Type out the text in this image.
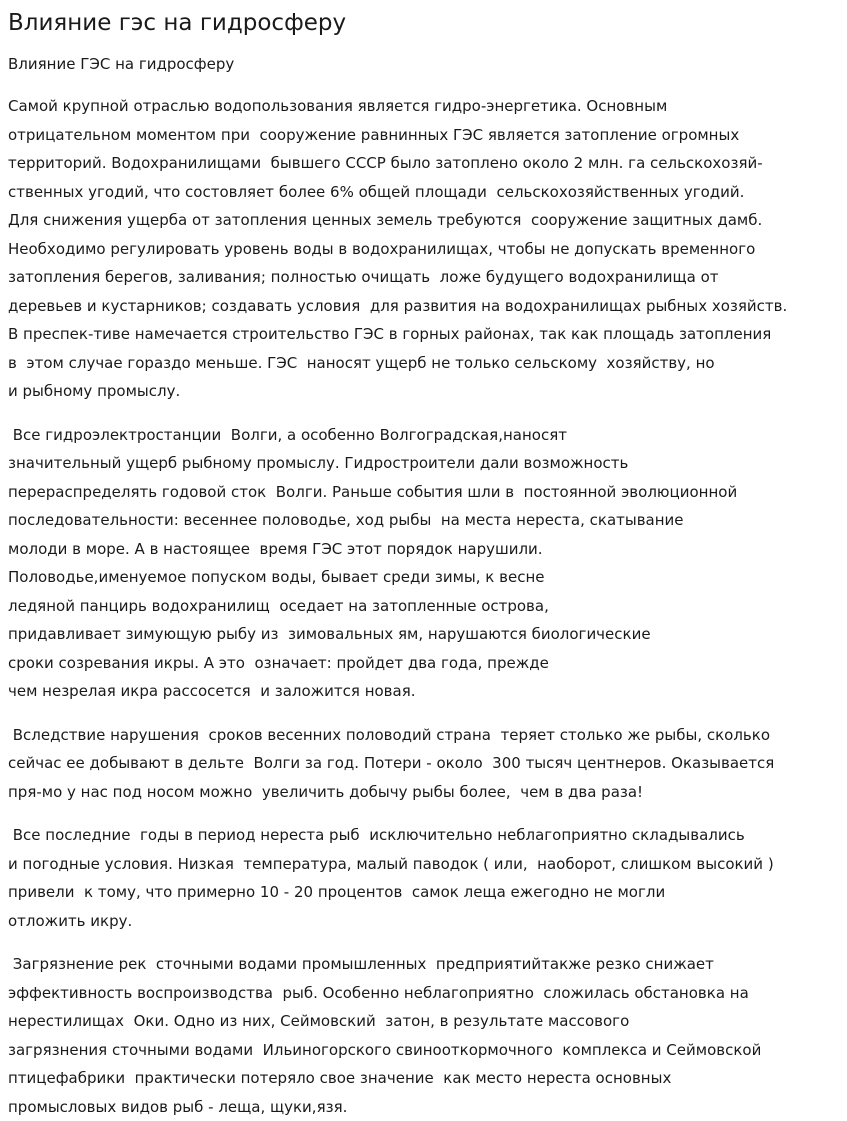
Влияние гэс на гидросферу
Влияние ГЭС на гидросферу
Самой крупной отраслью водопользования является гидро-энергетика. Основным
отрицательном моментом при  сооружение равнинных ГЭС является затопление огромных
территорий. Водохранилищами  бывшего СССР было затоплено около 2 млн. га сельскохозяй-
ственных угодий, что состовляет более 6% общей площади  сельскохозяйственных угодий.
Для снижения ущерба от затопления ценных земель требуются  сооружение защитных дамб.
Необходимо регулировать уровень воды в водохранилищах, чтобы не допускать временного
затопления берегов, заливания; полностью очищать  ложе будущего водохранилища от
деревьев и кустарников; создавать условия  для развития на водохранилищах рыбных хозяйств.
В преспек-тиве намечается строительство ГЭС в горных районах, так как площадь затопления
в  этом случае гораздо меньше. ГЭС  наносят ущерб не только сельскому  хозяйству, но
и рыбному промыслу.
Все гидроэлектростанции  Волги, а особенно Волгоградская,наносят
значительный ущерб рыбному промыслу. Гидростроители дали возможность
перераспределять годовой сток  Волги. Раньше события шли в  постоянной эволюционной
последовательности: весеннее половодье, ход рыбы  на места нереста, скатывание
молоди в море. А в настоящее  время ГЭС этот порядок нарушили.
Половодье,именуемое попуском воды, бывает среди зимы, к весне
ледяной панцирь водохранилищ  оседает на затопленные острова,
придавливает зимующую рыбу из  зимовальных ям, нарушаются биологические
сроки созревания икры. А это  означает: пройдет два года, прежде
чем незрелая икра рассосется  и заложится новая.
Вследствие нарушения  сроков весенних половодий страна  теряет столько же рыбы, сколько
сейчас ее добывают в дельте  Волги за год. Потери - около  300 тысяч центнеров. Оказывается
пря-мо у нас под носом можно  увеличить добычу рыбы более,  чем в два раза!
Все последние  годы в период нереста рыб  исключительно неблагоприятно складывались
и погодные условия. Низкая  температура, малый паводок ( или,  наоборот, слишком высокий )
привели  к тому, что примерно 10 - 20 процентов  самок леща ежегодно не могли
отложить икру.
Загрязнение рек  сточными водами промышленных  предприятийтакже резко снижает
эффективность воспроизводства  рыб. Особенно неблагоприятно  сложилась обстановка на
нерестилищах  Оки. Одно из них, Сеймовский  затон, в результате массового
загрязнения сточными водами  Ильиногорского свинооткормочного  комплекса и Сеймовской
птицефабрики  практически потеряло свое значение  как место нереста основных
промысловых видов рыб - леща, щуки,язя.
